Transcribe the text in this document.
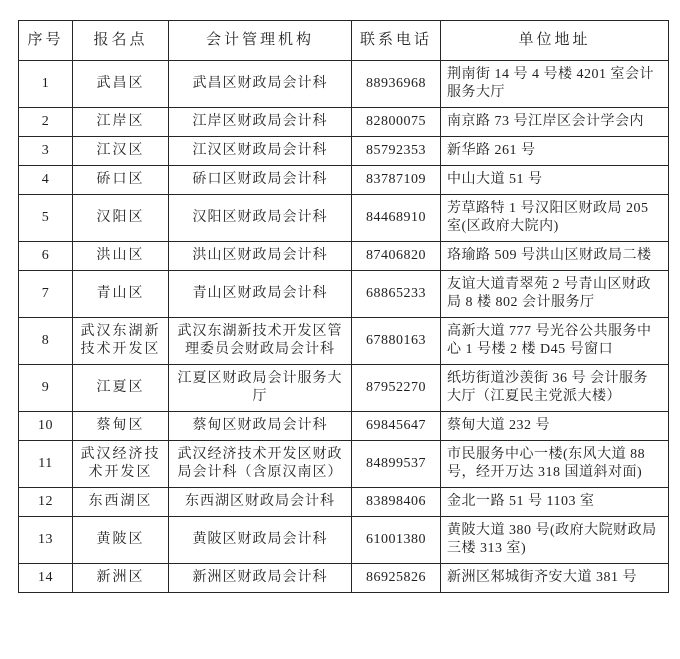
序号	报名点	会计管理机构	联系电话	单位地址
1	武昌区	武昌区财政局会计科	88936968	荆南街 14 号 4 号楼 4201 室会计服务大厅
2	江岸区	江岸区财政局会计科	82800075	南京路 73 号江岸区会计学会内
3	江汉区	江汉区财政局会计科	85792353	新华路 261 号
4	硚口区	硚口区财政局会计科	83787109	中山大道 51 号
5	汉阳区	汉阳区财政局会计科	84468910	芳草路特 1 号汉阳区财政局 205 室(区政府大院内)
6	洪山区	洪山区财政局会计科	87406820	珞瑜路 509 号洪山区财政局二楼
7	青山区	青山区财政局会计科	68865233	友谊大道青翠苑 2 号青山区财政局 8 楼 802 会计服务厅
8	武汉东湖新技术开发区	武汉东湖新技术开发区管理委员会财政局会计科	67880163	高新大道 777 号光谷公共服务中心 1 号楼 2 楼 D45 号窗口
9	江夏区	江夏区财政局会计服务大厅	87952270	纸坊街道沙羡街 36 号 会计服务大厅（江夏民主党派大楼）
10	蔡甸区	蔡甸区财政局会计科	69845647	蔡甸大道 232 号
11	武汉经济技术开发区	武汉经济技术开发区财政局会计科（含原汉南区）	84899537	市民服务中心一楼(东风大道 88 号，经开万达 318 国道斜对面)
12	东西湖区	东西湖区财政局会计科	83898406	金北一路 51 号 1103 室
13	黄陂区	黄陂区财政局会计科	61001380	黄陂大道 380 号(政府大院财政局三楼 313 室)
14	新洲区	新洲区财政局会计科	86925826	新洲区邾城街齐安大道 381 号
